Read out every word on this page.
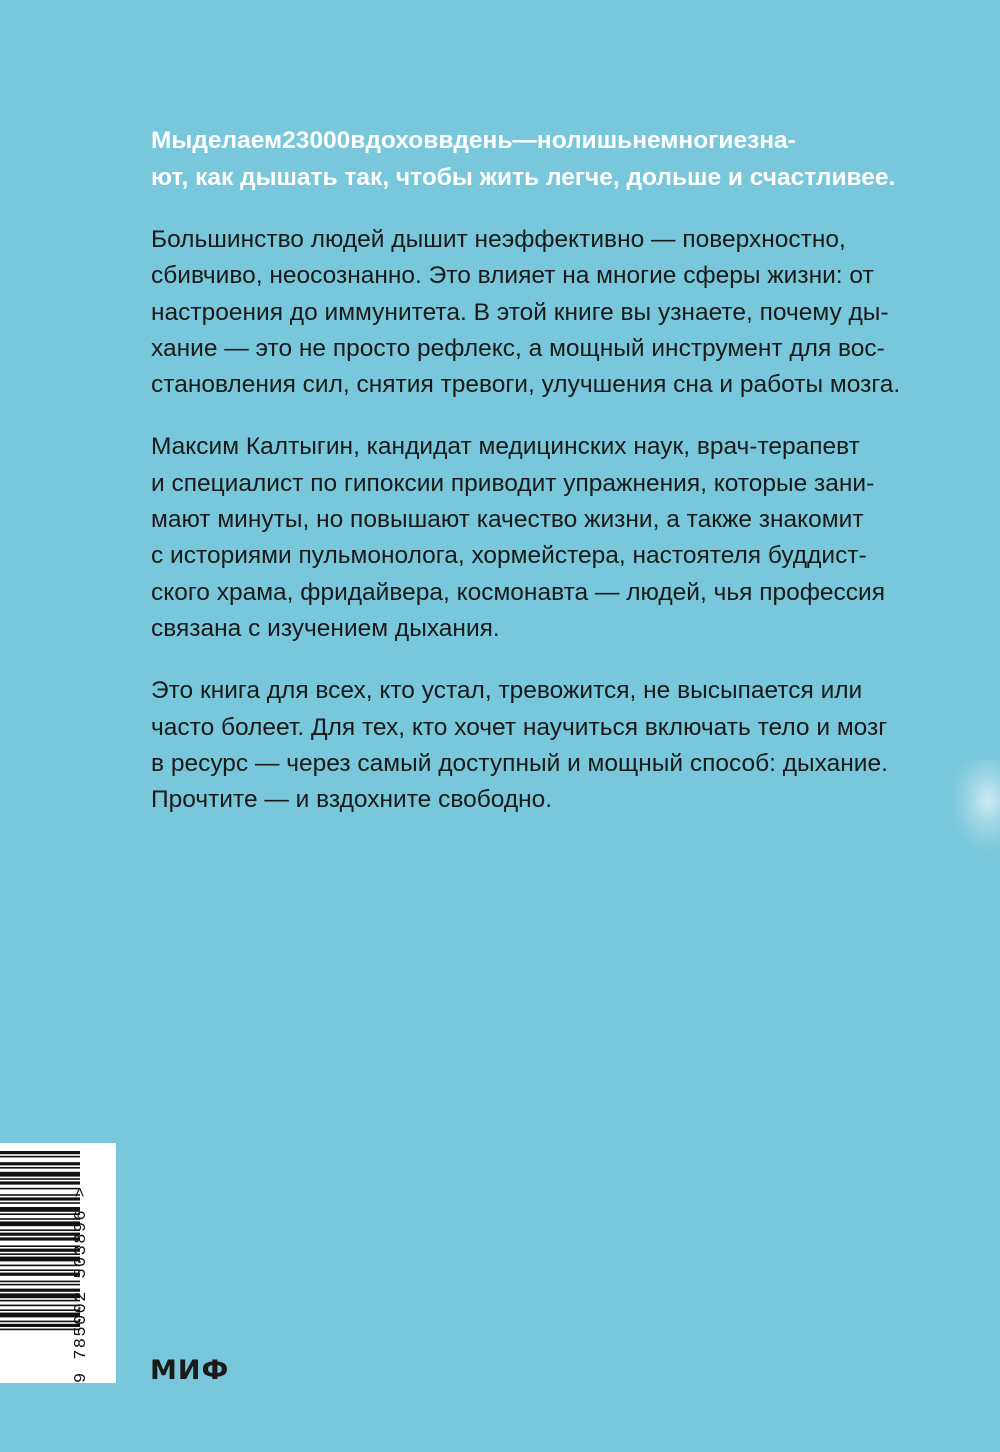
Мыделаем23000вдоховвдень—нолишьнемногиезна-
ют, как дышать так, чтобы жить легче, дольше и счастливее.

Большинство людей дышит неэффективно — поверхностно,
сбивчиво, неосознанно. Это влияет на многие сферы жизни: от
настроения до иммунитета. В этой книге вы узнаете, почему ды-
хание — это не просто рефлекс, а мощный инструмент для вос-
становления сил, снятия тревоги, улучшения сна и работы мозга.

Максим Калтыгин, кандидат медицинских наук, врач-терапевт
и специалист по гипоксии приводит упражнения, которые зани-
мают минуты, но повышают качество жизни, а также знакомит
с историями пульмонолога, хормейстера, настоятеля буддист-
ского храма, фридайвера, космонавта — людей, чья профессия
связана с изучением дыхания.

Это книга для всех, кто устал, тревожится, не высыпается или
часто болеет. Для тех, кто хочет научиться включать тело и мозг
в ресурс — через самый доступный и мощный способ: дыхание.
Прочтите — и вздохните свободно.

9 785002 503896 > МИФ
